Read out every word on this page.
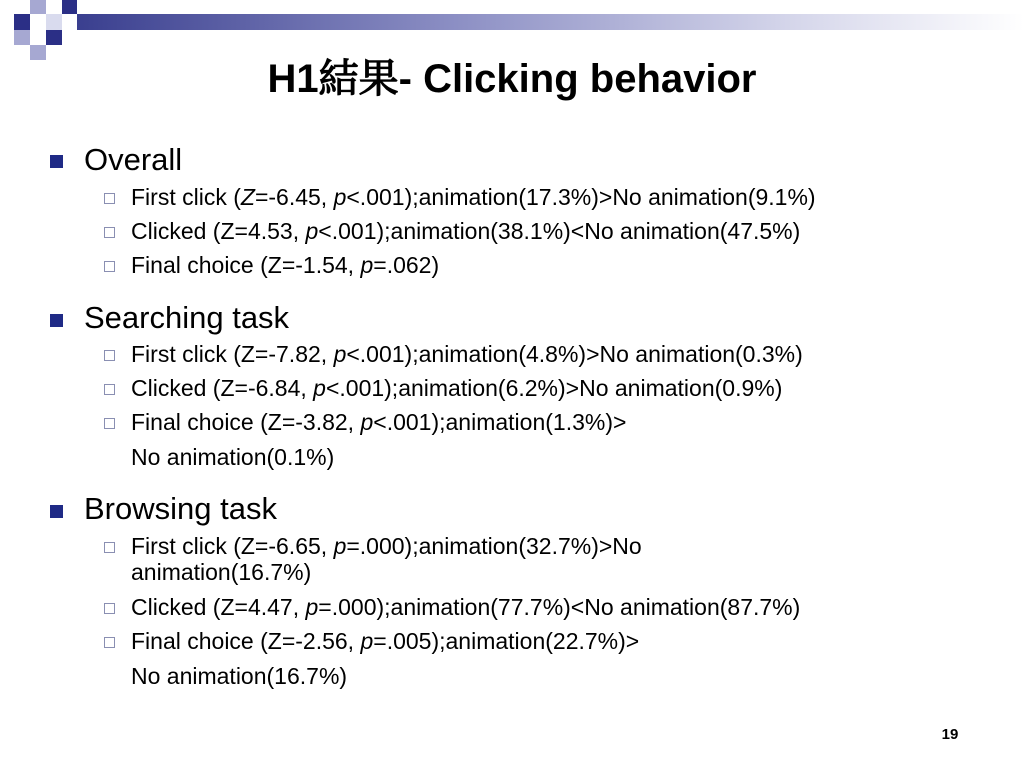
H1結果- Clicking behavior
Overall
First click (Z=-6.45, p<.001);animation(17.3%)>No animation(9.1%)
Clicked (Z=4.53, p<.001);animation(38.1%)<No animation(47.5%)
Final choice (Z=-1.54, p=.062)
Searching task
First click (Z=-7.82, p<.001);animation(4.8%)>No animation(0.3%)
Clicked (Z=-6.84, p<.001);animation(6.2%)>No animation(0.9%)
Final choice (Z=-3.82, p<.001);animation(1.3%)>
No animation(0.1%)
Browsing task
First click (Z=-6.65, p=.000);animation(32.7%)>No
animation(16.7%)
Clicked (Z=4.47, p=.000);animation(77.7%)<No animation(87.7%)
Final choice (Z=-2.56, p=.005);animation(22.7%)>
No animation(16.7%)
19
